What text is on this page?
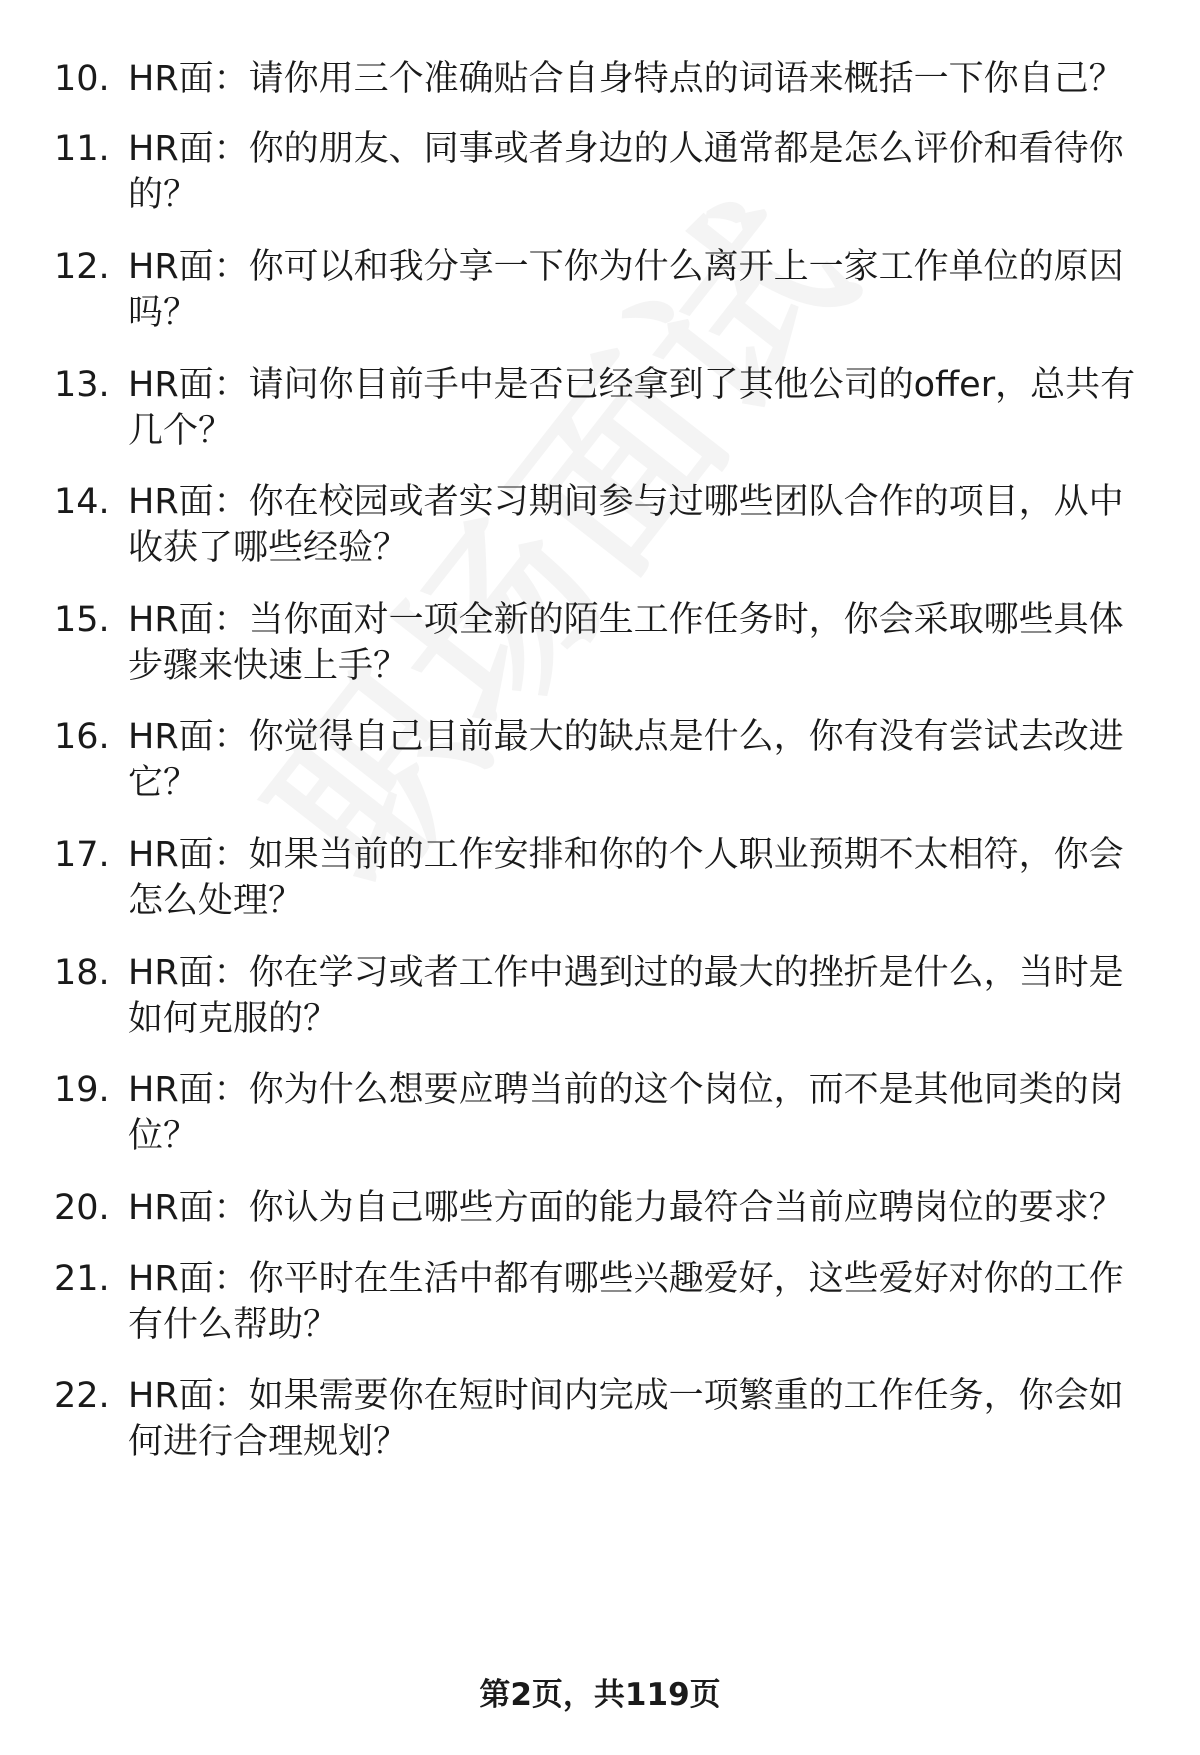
10. HR面：请你用三个准确贴合自身特点的词语来概括一下你自己？
11. HR面：你的朋友、同事或者身边的人通常都是怎么评价和看待你的？
12. HR面：你可以和我分享一下你为什么离开上一家工作单位的原因吗？
13. HR面：请问你目前手中是否已经拿到了其他公司的offer，总共有几个？
14. HR面：你在校园或者实习期间参与过哪些团队合作的项目，从中收获了哪些经验？
15. HR面：当你面对一项全新的陌生工作任务时，你会采取哪些具体步骤来快速上手？
16. HR面：你觉得自己目前最大的缺点是什么，你有没有尝试去改进它？
17. HR面：如果当前的工作安排和你的个人职业预期不太相符，你会怎么处理？
18. HR面：你在学习或者工作中遇到过的最大的挫折是什么，当时是如何克服的？
19. HR面：你为什么想要应聘当前的这个岗位，而不是其他同类的岗位？
20. HR面：你认为自己哪些方面的能力最符合当前应聘岗位的要求？
21. HR面：你平时在生活中都有哪些兴趣爱好，这些爱好对你的工作有什么帮助？
22. HR面：如果需要你在短时间内完成一项繁重的工作任务，你会如何进行合理规划？
第2页，共119页
